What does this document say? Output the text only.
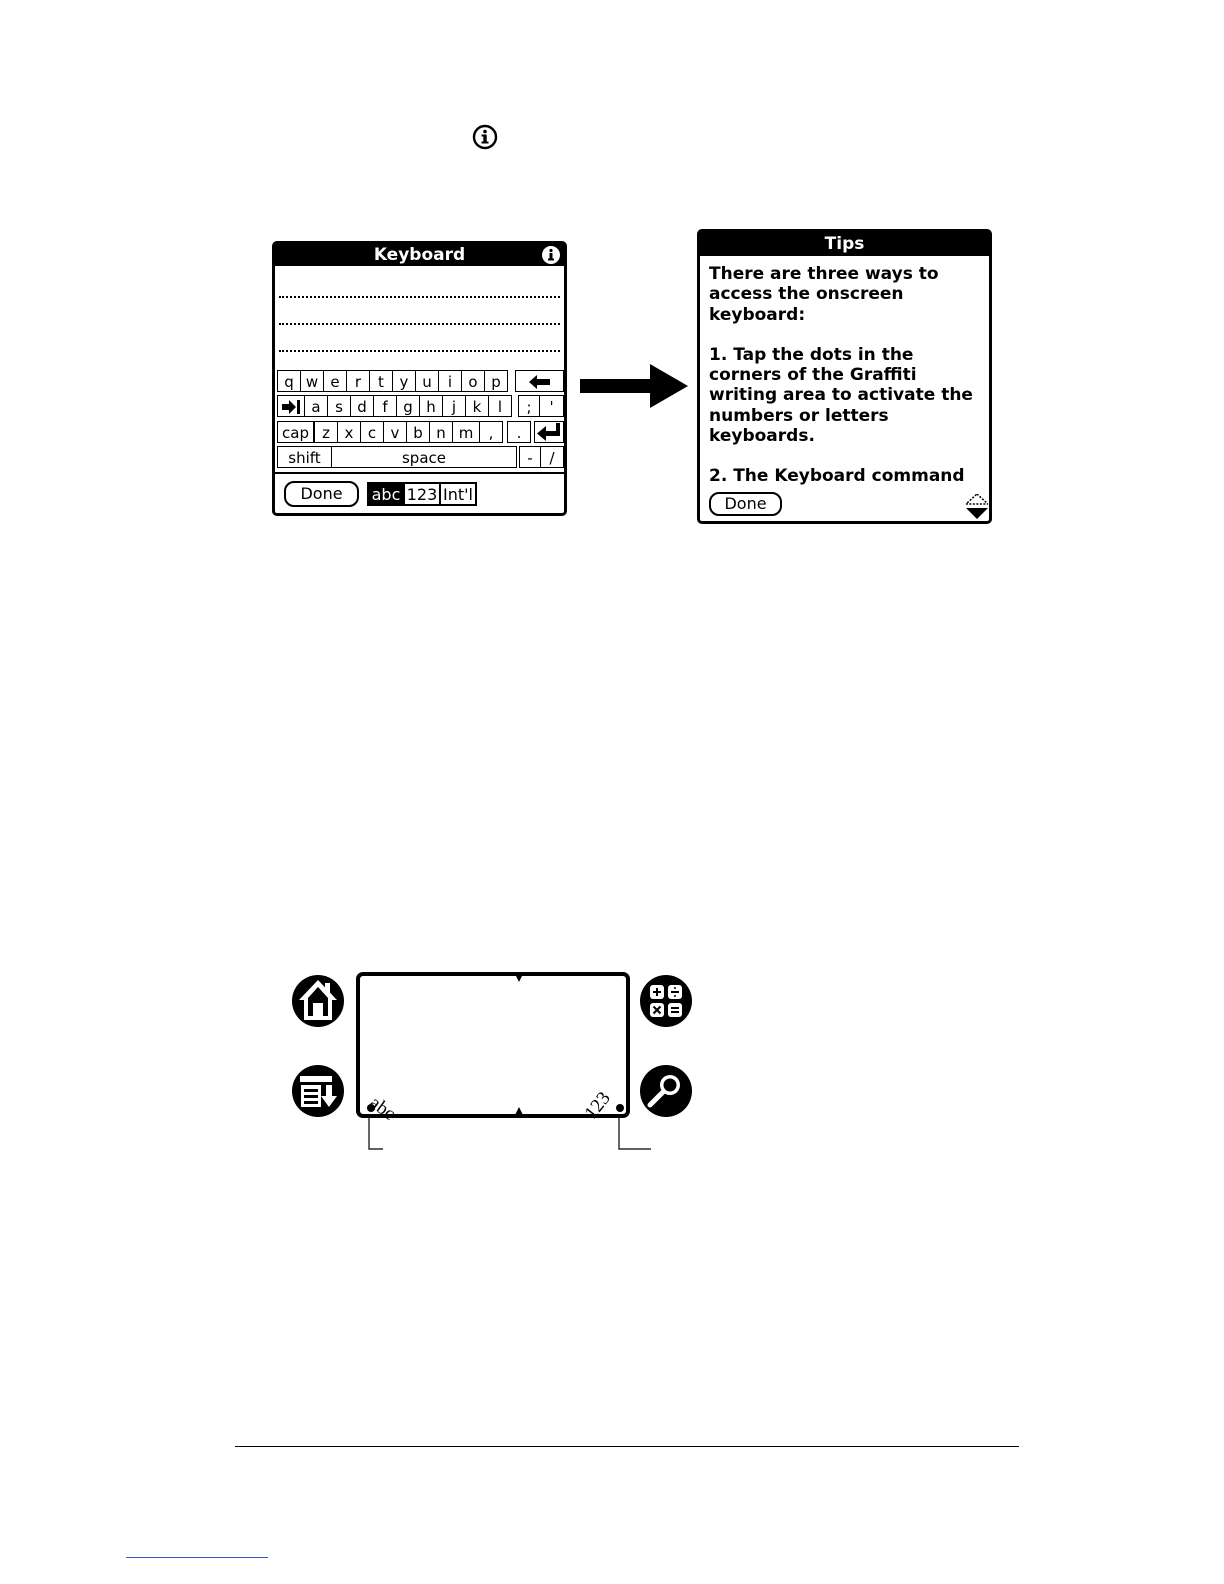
Keyboard
q w e	r	t	y u	i	o p
a s d	f	g h	j	k	l	;	'
cap z x c v b n m	,	.
shift	space	-	/
Done	abc 123 Int'l
Tips

There are three ways to
access the onscreen
keyboard:

1. Tap the dots in the
corners of the Graffiti
writing area to activate the
numbers or letters
keyboards.

2. The Keyboard command

Done
abc	123
